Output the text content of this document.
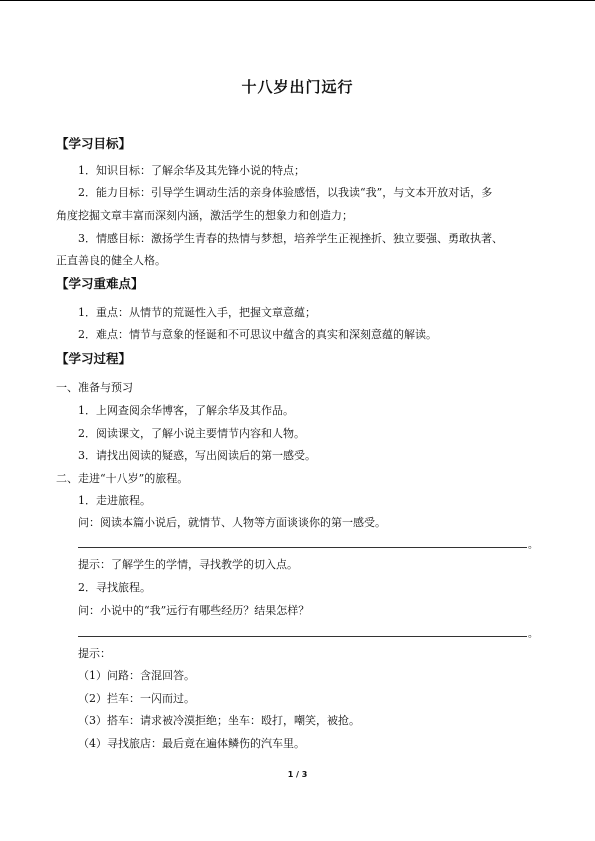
十八岁出门远行
【学习目标】
1．知识目标：了解余华及其先锋小说的特点；
2．能力目标：引导学生调动生活的亲身体验感悟，以我读“我”，与文本开放对话，多
角度挖掘文章丰富而深刻内涵，激活学生的想象力和创造力；
3．情感目标：激扬学生青春的热情与梦想，培养学生正视挫折、独立要强、勇敢执著、
正直善良的健全人格。
【学习重难点】
1．重点：从情节的荒诞性入手，把握文章意蕴；
2．难点：情节与意象的怪诞和不可思议中蕴含的真实和深刻意蕴的解读。
【学习过程】
一、准备与预习
1．上网查阅余华博客，了解余华及其作品。
2．阅读课文，了解小说主要情节内容和人物。
3．请找出阅读的疑惑，写出阅读后的第一感受。
二、走进“十八岁”的旅程。
1．走进旅程。
问：阅读本篇小说后，就情节、人物等方面谈谈你的第一感受。
。
提示：了解学生的学情，寻找教学的切入点。
2．寻找旅程。
问：小说中的“我”远行有哪些经历？结果怎样？
。
提示：
（1）问路：含混回答。
（2）拦车：一闪而过。
（3）搭车：请求被冷漠拒绝；坐车：殴打，嘲笑，被抢。
（4）寻找旅店：最后竟在遍体鳞伤的汽车里。
1 / 3
